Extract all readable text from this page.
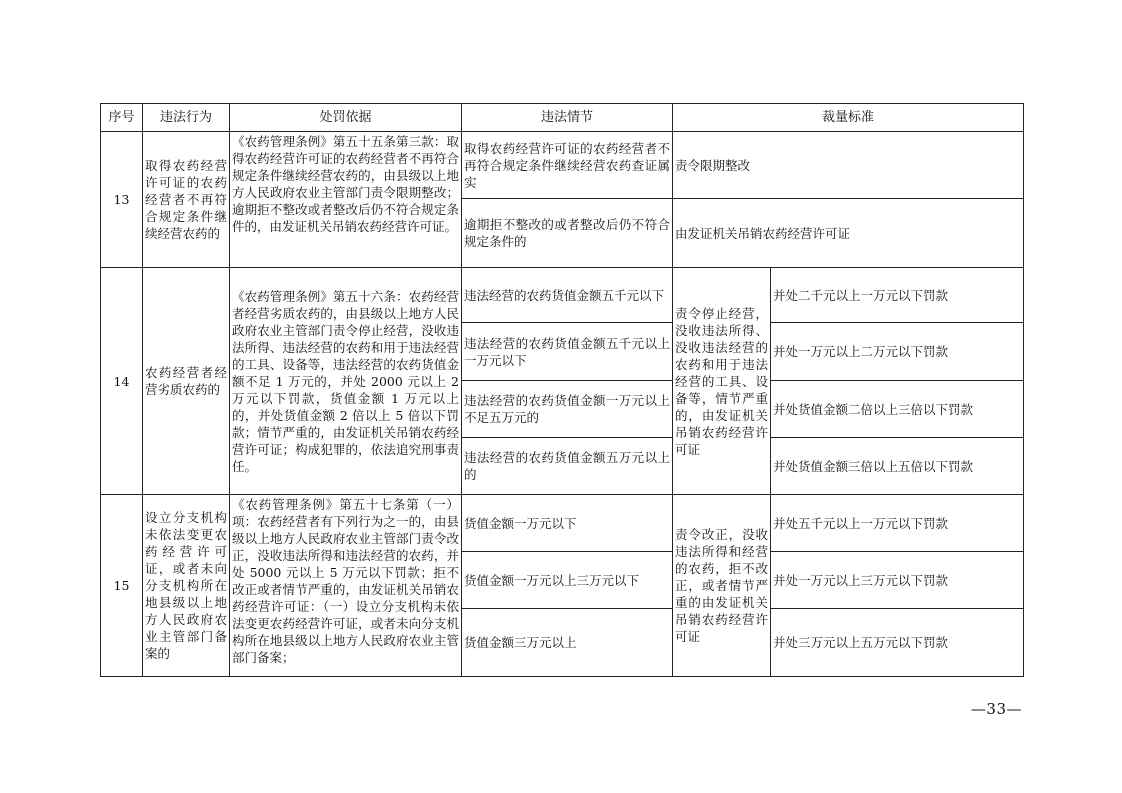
序号	违法行为	处罚依据	违法情节	裁量标准	
13	取得农药经营许可证的农药经营者不再符合规定条件继续经营农药的	《农药管理条例》第五十五条第三款：取得农药经营许可证的农药经营者不再符合规定条件继续经营农药的，由县级以上地方人民政府农业主管部门责令限期整改；逾期拒不整改或者整改后仍不符合规定条件的，由发证机关吊销农药经营许可证。	取得农药经营许可证的农药经营者不再符合规定条件继续经营农药查证属实	责令限期整改	
			逾期拒不整改的或者整改后仍不符合规定条件的	由发证机关吊销农药经营许可证	
14	农药经营者经营劣质农药的	《农药管理条例》第五十六条：农药经营者经营劣质农药的，由县级以上地方人民政府农业主管部门责令停止经营，没收违法所得、违法经营的农药和用于违法经营的工具、设备等，违法经营的农药货值金额不足 1 万元的，并处 2000 元以上 2 万元以下罚款，货值金额 1 万元以上的，并处货值金额 2 倍以上 5 倍以下罚款；情节严重的，由发证机关吊销农药经营许可证；构成犯罪的，依法追究刑事责任。	违法经营的农药货值金额五千元以下	责令停止经营，没收违法所得、没收违法经营的农药和用于违法经营的工具、设备等，情节严重的，由发证机关吊销农药经营许可证	并处二千元以上一万元以下罚款
			违法经营的农药货值金额五千元以上一万元以下		并处一万元以上二万元以下罚款
			违法经营的农药货值金额一万元以上不足五万元的		并处货值金额二倍以上三倍以下罚款
			违法经营的农药货值金额五万元以上的		并处货值金额三倍以上五倍以下罚款
15	设立分支机构未依法变更农药经营许可证，或者未向分支机构所在地县级以上地方人民政府农业主管部门备案的	《农药管理条例》第五十七条第（一）项：农药经营者有下列行为之一的，由县级以上地方人民政府农业主管部门责令改正，没收违法所得和违法经营的农药，并处 5000 元以上 5 万元以下罚款；拒不改正或者情节严重的，由发证机关吊销农药经营许可证：（一）设立分支机构未依法变更农药经营许可证，或者未向分支机构所在地县级以上地方人民政府农业主管部门备案；	货值金额一万元以下	责令改正，没收违法所得和经营的农药，拒不改正，或者情节严重的由发证机关吊销农药经营许可证	并处五千元以上一万元以下罚款
			货值金额一万元以上三万元以下		并处一万元以上三万元以下罚款
			货值金额三万元以上		并处三万元以上五万元以下罚款
—33—
